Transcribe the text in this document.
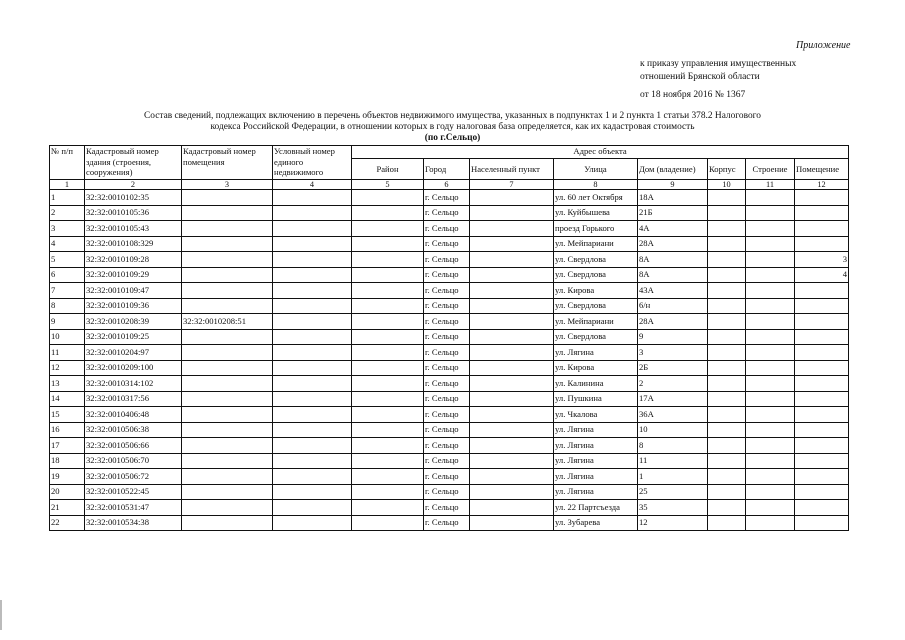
Приложение
к приказу управления имущественных
отношений Брянской области
от 18 ноября 2016 № 1367
Состав сведений, подлежащих включению в перечень объектов недвижимого имущества, указанных в подпунктах 1 и 2 пункта 1 статьи 378.2 Налогового
кодекса Российской Федерации, в отношении которых в году налоговая база определяется, как их кадастровая стоимость
(по г.Сельцо)
№ п/п	Кадастровый номер здания (строения, сооружения)	Кадастровый номер помещения	Условный номер единого недвижимого	Адрес объекта							
				Район	Город	Населенный пункт	Улица	Дом (владение)	Корпус	Строение	Помещение
1	2	3	4	5	6	7	8	9	10	11	12
1	32:32:0010102:35				г. Сельцо		ул. 60 лет Октября	18А			
2	32:32:0010105:36				г. Сельцо		ул. Куйбышева	21Б			
3	32:32:0010105:43				г. Сельцо		проезд Горького	4А			
4	32:32:0010108:329				г. Сельцо		ул. Мейпариани	28А			
5	32:32:0010109:28				г. Сельцо		ул. Свердлова	8А			3
6	32:32:0010109:29				г. Сельцо		ул. Свердлова	8А			4
7	32:32:0010109:47				г. Сельцо		ул. Кирова	43А			
8	32:32:0010109:36				г. Сельцо		ул. Свердлова	6/н			
9	32:32:0010208:39	32:32:0010208:51			г. Сельцо		ул. Мейпариани	28А			
10	32:32:0010109:25				г. Сельцо		ул. Свердлова	9			
11	32:32:0010204:97				г. Сельцо		ул. Лягина	3			
12	32:32:0010209:100				г. Сельцо		ул. Кирова	2Б			
13	32:32:0010314:102				г. Сельцо		ул. Калинина	2			
14	32:32:0010317:56				г. Сельцо		ул. Пушкина	17А			
15	32:32:0010406:48				г. Сельцо		ул. Чкалова	36А			
16	32:32:0010506:38				г. Сельцо		ул. Лягина	10			
17	32:32:0010506:66				г. Сельцо		ул. Лягина	8			
18	32:32:0010506:70				г. Сельцо		ул. Лягина	11			
19	32:32:0010506:72				г. Сельцо		ул. Лягина	1			
20	32:32:0010522:45				г. Сельцо		ул. Лягина	25			
21	32:32:0010531:47				г. Сельцо		ул. 22 Партсъезда	35			
22	32:32:0010534:38				г. Сельцо		ул. Зубарева	12			
